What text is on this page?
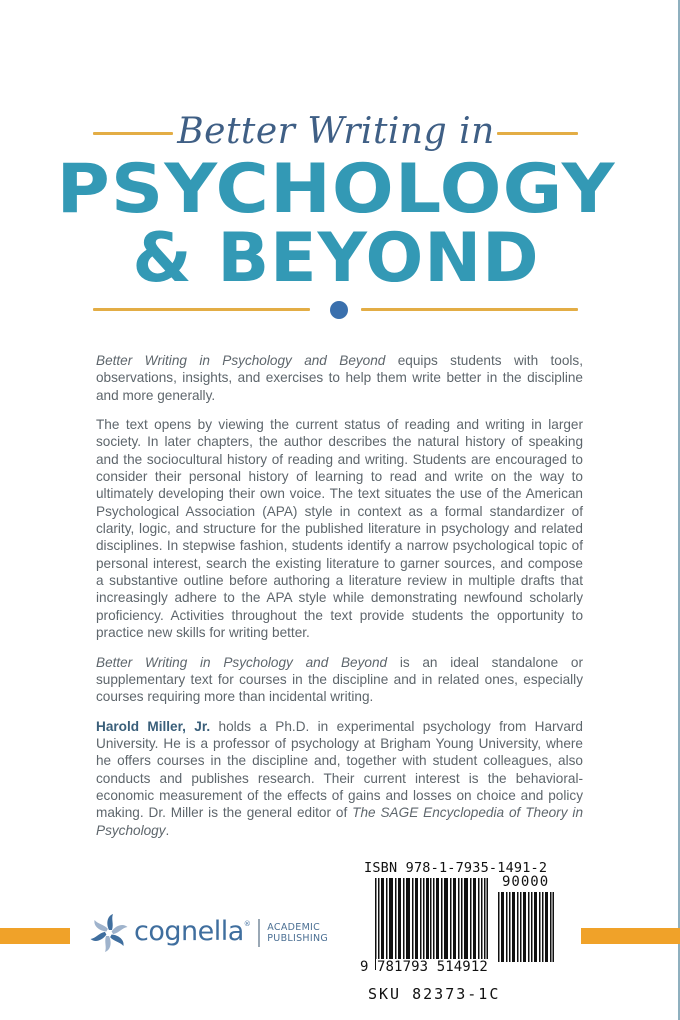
Better Writing in
PSYCHOLOGY
& BEYOND

Better Writing in Psychology and Beyond equips students with tools, observations, insights, and exercises to help them write better in the discipline and more generally.

The text opens by viewing the current status of reading and writing in larger society. In later chapters, the author describes the natural history of speaking and the sociocultural history of reading and writing. Students are encouraged to consider their personal history of learning to read and write on the way to ultimately developing their own voice. The text situates the use of the American Psychological Association (APA) style in context as a formal standardizer of clarity, logic, and structure for the published literature in psychology and related disciplines. In stepwise fashion, students identify a narrow psychological topic of personal interest, search the existing literature to garner sources, and compose a substantive outline before authoring a literature review in multiple drafts that increasingly adhere to the APA style while demonstrating newfound scholarly proficiency. Activities throughout the text provide students the opportunity to practice new skills for writing better.

Better Writing in Psychology and Beyond is an ideal standalone or supplementary text for courses in the discipline and in related ones, especially courses requiring more than incidental writing.

Harold Miller, Jr. holds a Ph.D. in experimental psychology from Harvard University. He is a professor of psychology at Brigham Young University, where he offers courses in the discipline and, together with student colleagues, also conducts and publishes research. Their current interest is the behavioral-economic measurement of the effects of gains and losses on choice and policy making. Dr. Miller is the general editor of The SAGE Encyclopedia of Theory in Psychology.

cognella® ACADEMIC
PUBLISHING
ISBN 978-1-7935-1491-2
90000
9 781793 514912
SKU 82373-1C
